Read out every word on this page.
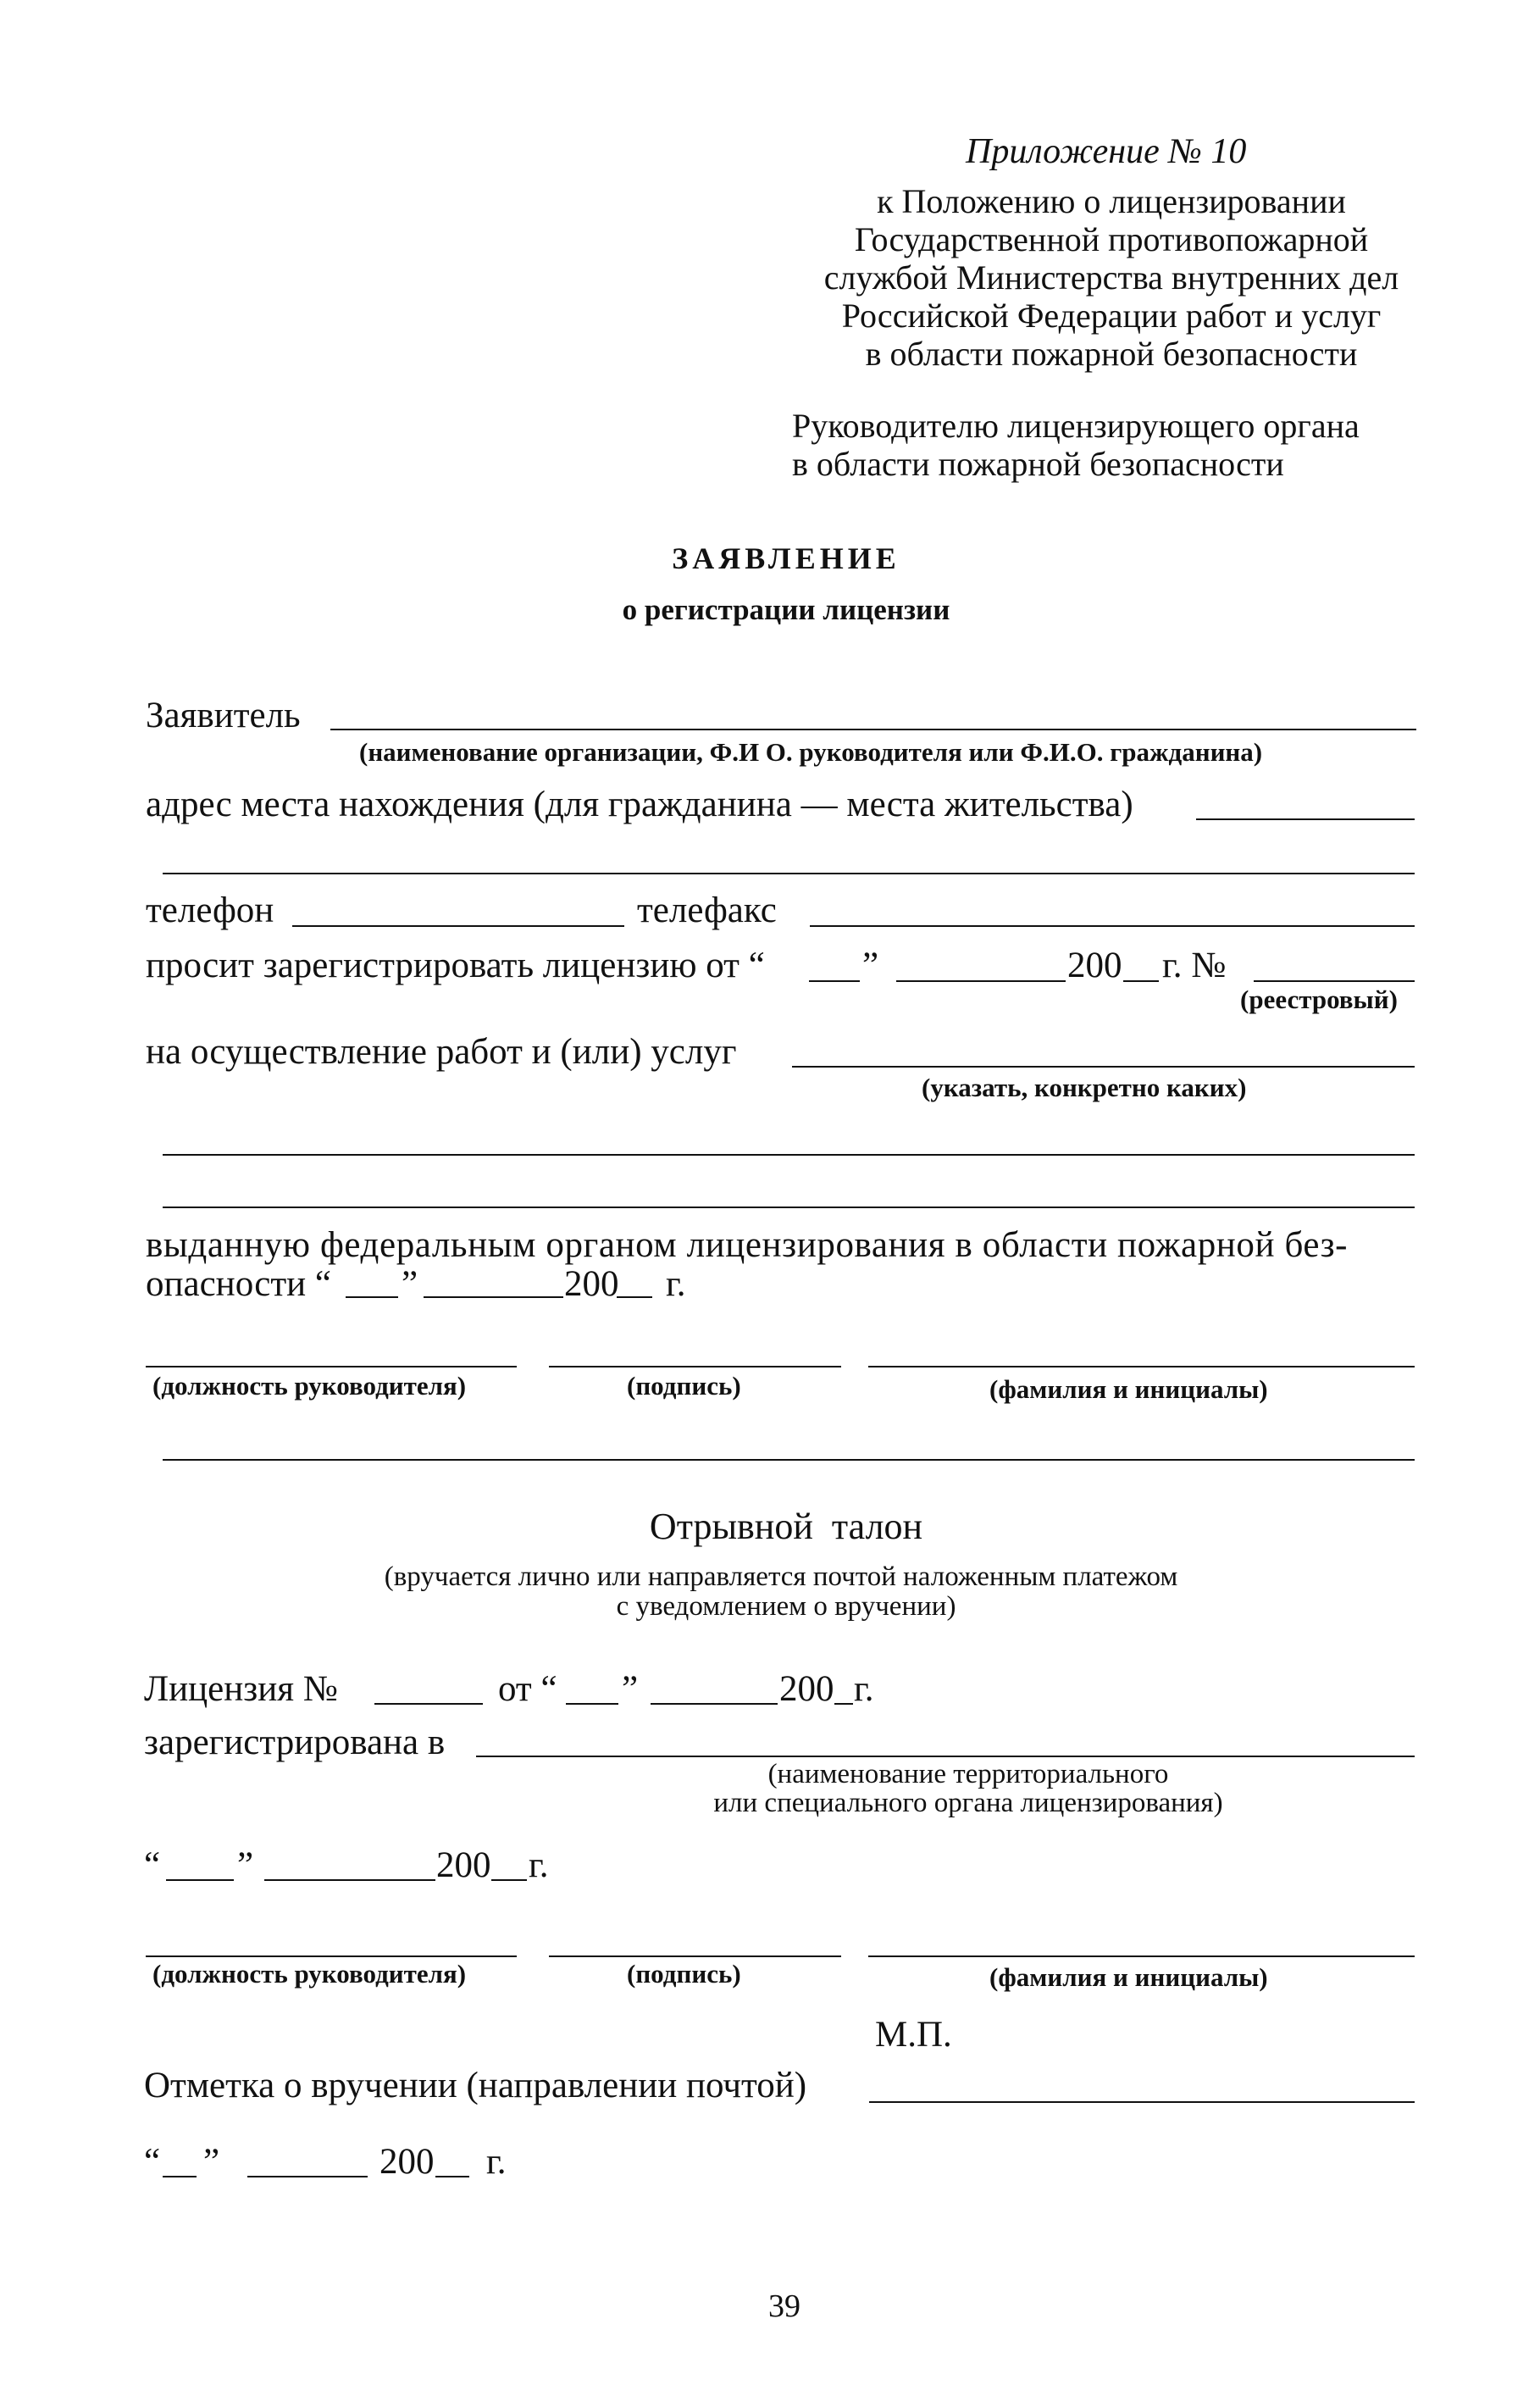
Приложение № 10
к Положению о лицензировании
Государственной противопожарной
службой Министерства внутренних дел
Российской Федерации работ и услуг
в области пожарной безопасности
Руководителю лицензирующего органа
в области пожарной безопасности
ЗАЯВЛЕНИЕ
о регистрации лицензии
Заявитель
(наименование организации, Ф.И О. руководителя или Ф.И.О. гражданина)
адрес места нахождения (для гражданина — места жительства)
телефон	телефакс
просит зарегистрировать лицензию от “	”	200 г. №
(реестровый)
на осуществление работ и (или) услуг
(указать, конкретно каких)
выданную федеральным органом лицензирования в области пожарной без-
опасности “ ”	200 г.
(должность руководителя)	(подпись)	(фамилия и инициалы)
Отрывной  талон
(вручается лично или направляется почтой наложенным платежом
с уведомлением о вручении)
Лицензия №	от “ ”	200 г.
зарегистрирована в
(наименование территориального
или специального органа лицензирования)
“ ”	200 г.
(должность руководителя)	(подпись)	(фамилия и инициалы)
М.П.
Отметка о вручении (направлении почтой)
“ ”	200 г.
39
